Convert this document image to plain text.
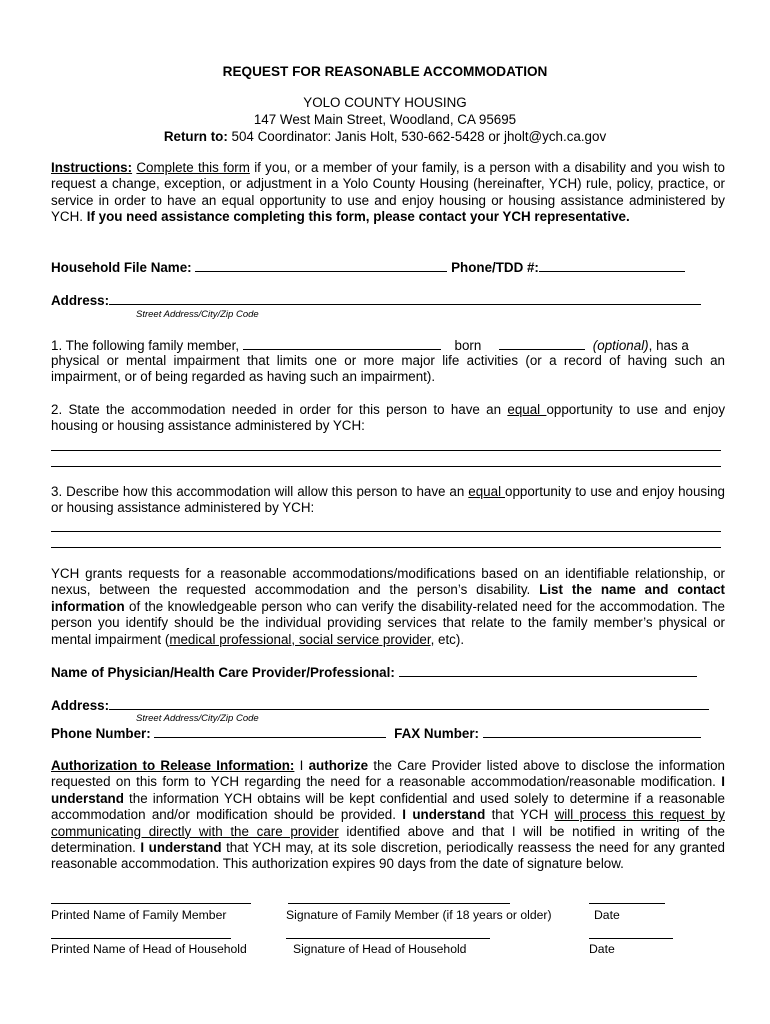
REQUEST FOR REASONABLE ACCOMMODATION
YOLO COUNTY HOUSING
147 West Main Street, Woodland, CA 95695
Return to: 504 Coordinator: Janis Holt, 530-662-5428 or jholt@ych.ca.gov
Instructions: Complete this form if you, or a member of your family, is a person with a disability and you wish to request a change, exception, or adjustment in a Yolo County Housing (hereinafter, YCH) rule, policy, practice, or service in order to have an equal opportunity to use and enjoy housing or housing assistance administered by YCH. If you need assistance completing this form, please contact your YCH representative.
Household File Name:	Phone/TDD #:
Address:
Street Address/City/Zip Code
1. The following family member,	born	(optional), has a
physical or mental impairment that limits one or more major life activities (or a record of having such an impairment, or of being regarded as having such an impairment).
2. State the accommodation needed in order for this person to have an equal opportunity to use and enjoy housing or housing assistance administered by YCH:
3. Describe how this accommodation will allow this person to have an equal opportunity to use and enjoy housing or housing assistance administered by YCH:
YCH grants requests for a reasonable accommodations/modifications based on an identifiable relationship, or nexus, between the requested accommodation and the person’s disability. List the name and contact information of the knowledgeable person who can verify the disability-related need for the accommodation. The person you identify should be the individual providing services that relate to the family member’s physical or mental impairment (medical professional, social service provider, etc).
Name of Physician/Health Care Provider/Professional:
Address:
Street Address/City/Zip Code
Phone Number:	FAX Number:
Authorization to Release Information: I authorize the Care Provider listed above to disclose the information requested on this form to YCH regarding the need for a reasonable accommodation/reasonable modification. I understand the information YCH obtains will be kept confidential and used solely to determine if a reasonable accommodation and/or modification should be provided. I understand that YCH will process this request by communicating directly with the care provider identified above and that I will be notified in writing of the determination. I understand that YCH may, at its sole discretion, periodically reassess the need for any granted reasonable accommodation. This authorization expires 90 days from the date of signature below.
Printed Name of Family Member	Signature of Family Member (if 18 years or older)	Date
Printed Name of Head of Household	Signature of Head of Household	Date
